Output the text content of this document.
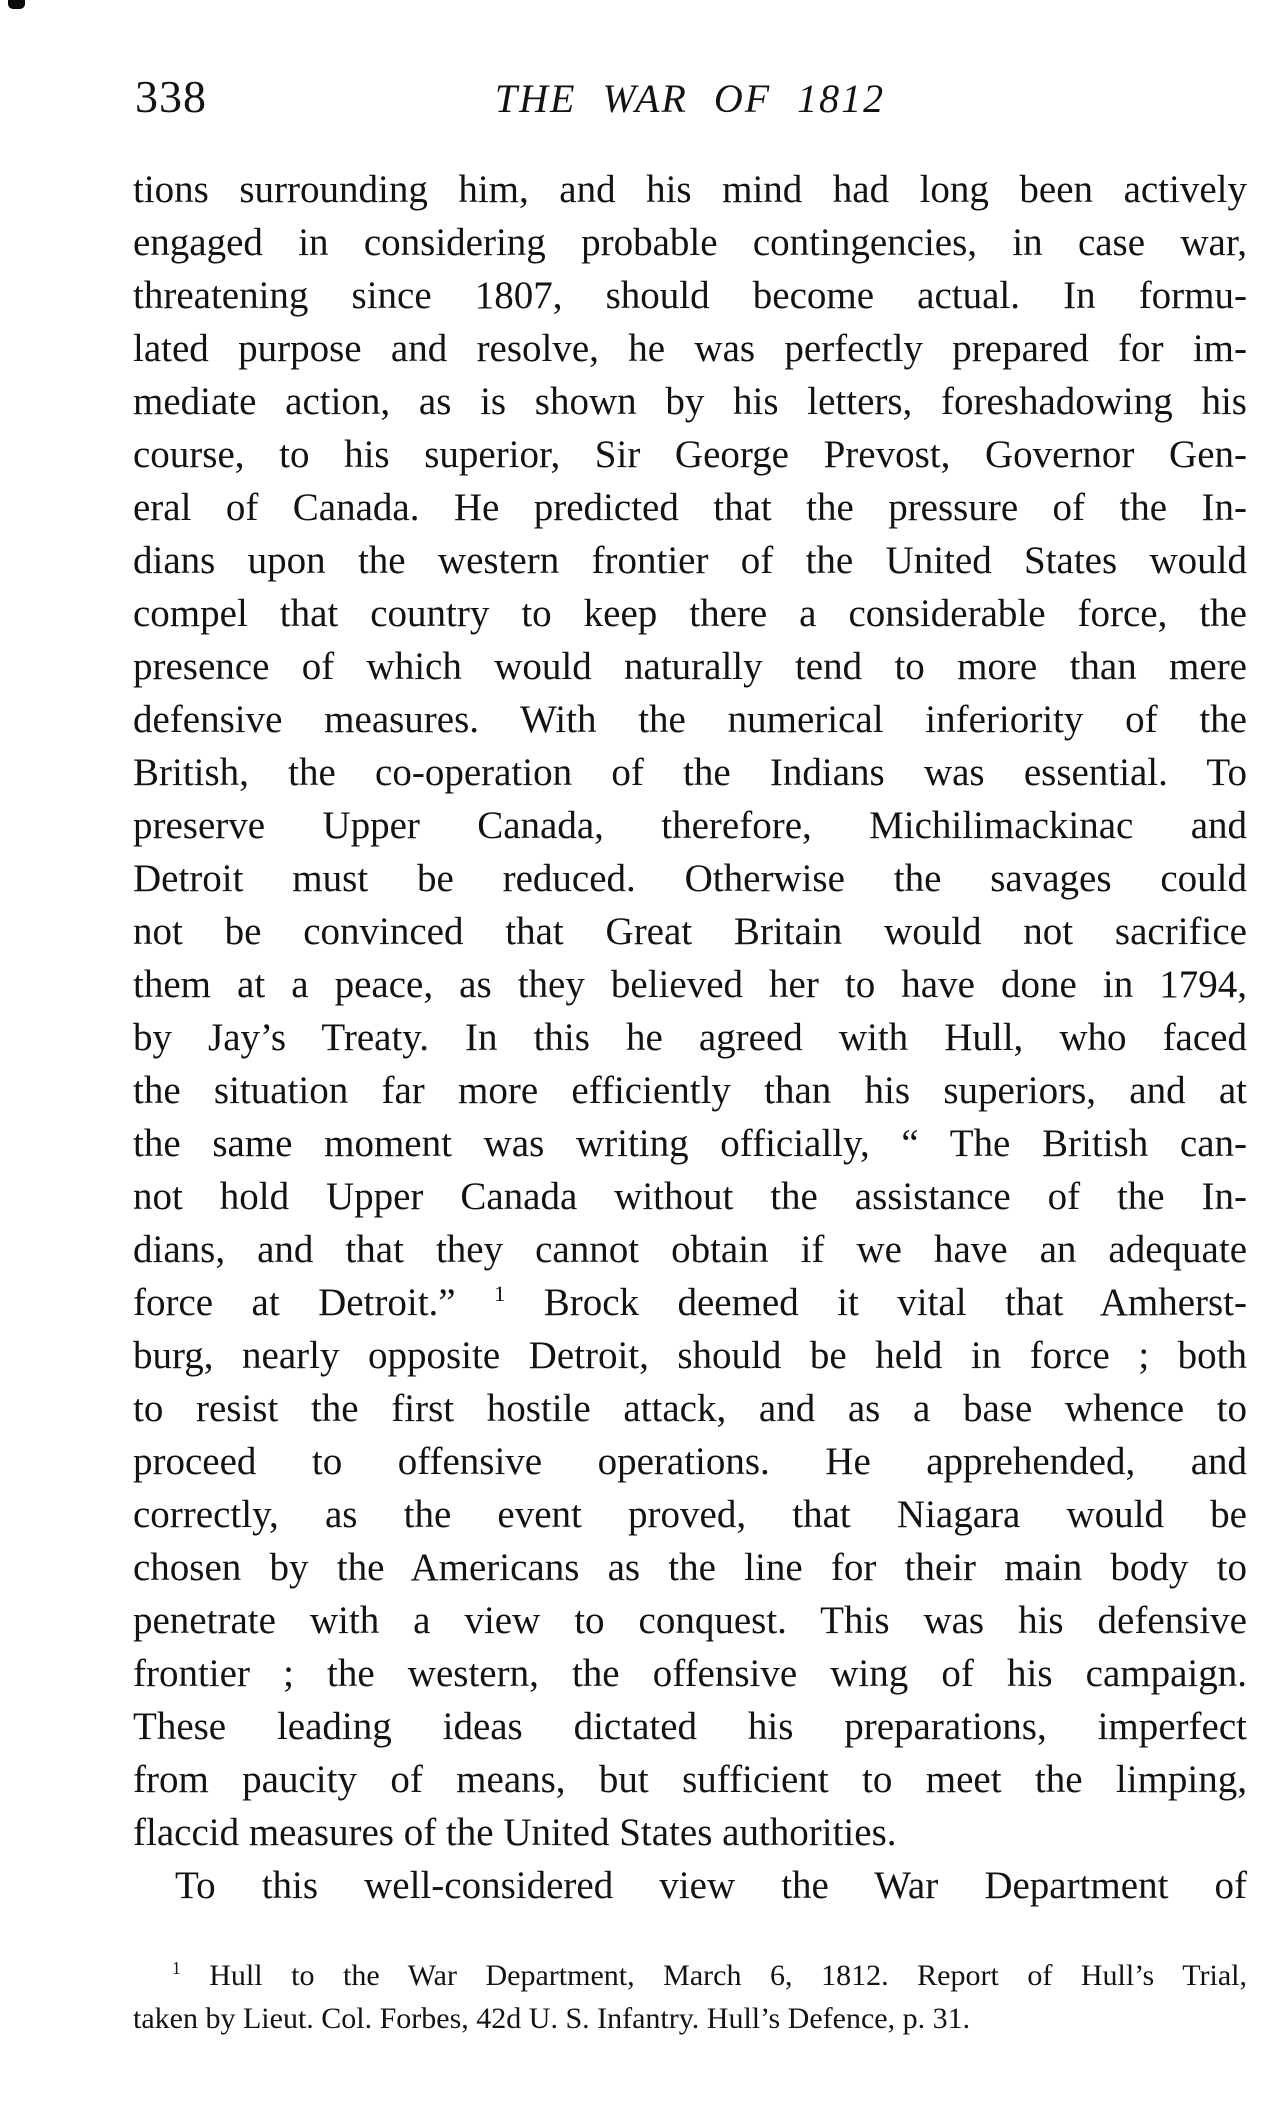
338	THE WAR OF 1812
tions surrounding him, and his mind had long been actively
engaged in considering probable contingencies, in case war,
threatening since 1807, should become actual. In formu-
lated purpose and resolve, he was perfectly prepared for im-
mediate action, as is shown by his letters, foreshadowing his
course, to his superior, Sir George Prevost, Governor Gen-
eral of Canada. He predicted that the pressure of the In-
dians upon the western frontier of the United States would
compel that country to keep there a considerable force, the
presence of which would naturally tend to more than mere
defensive measures. With the numerical inferiority of the
British, the co-operation of the Indians was essential. To
preserve Upper Canada, therefore, Michilimackinac and
Detroit must be reduced. Otherwise the savages could
not be convinced that Great Britain would not sacrifice
them at a peace, as they believed her to have done in 1794,
by Jay’s Treaty. In this he agreed with Hull, who faced
the situation far more efficiently than his superiors, and at
the same moment was writing officially, “ The British can-
not hold Upper Canada without the assistance of the In-
dians, and that they cannot obtain if we have an adequate
force at Detroit.” $^1$ Brock deemed it vital that Amherst-
burg, nearly opposite Detroit, should be held in force ; both
to resist the first hostile attack, and as a base whence to
proceed to offensive operations. He apprehended, and
correctly, as the event proved, that Niagara would be
chosen by the Americans as the line for their main body to
penetrate with a view to conquest. This was his defensive
frontier ; the western, the offensive wing of his campaign.
These leading ideas dictated his preparations, imperfect
from paucity of means, but sufficient to meet the limping,
flaccid measures of the United States authorities.
To this well-considered view the War Department of
$^1$ Hull to the War Department, March 6, 1812. Report of Hull’s Trial,
taken by Lieut. Col. Forbes, 42d U. S. Infantry. Hull’s Defence, p. 31.
